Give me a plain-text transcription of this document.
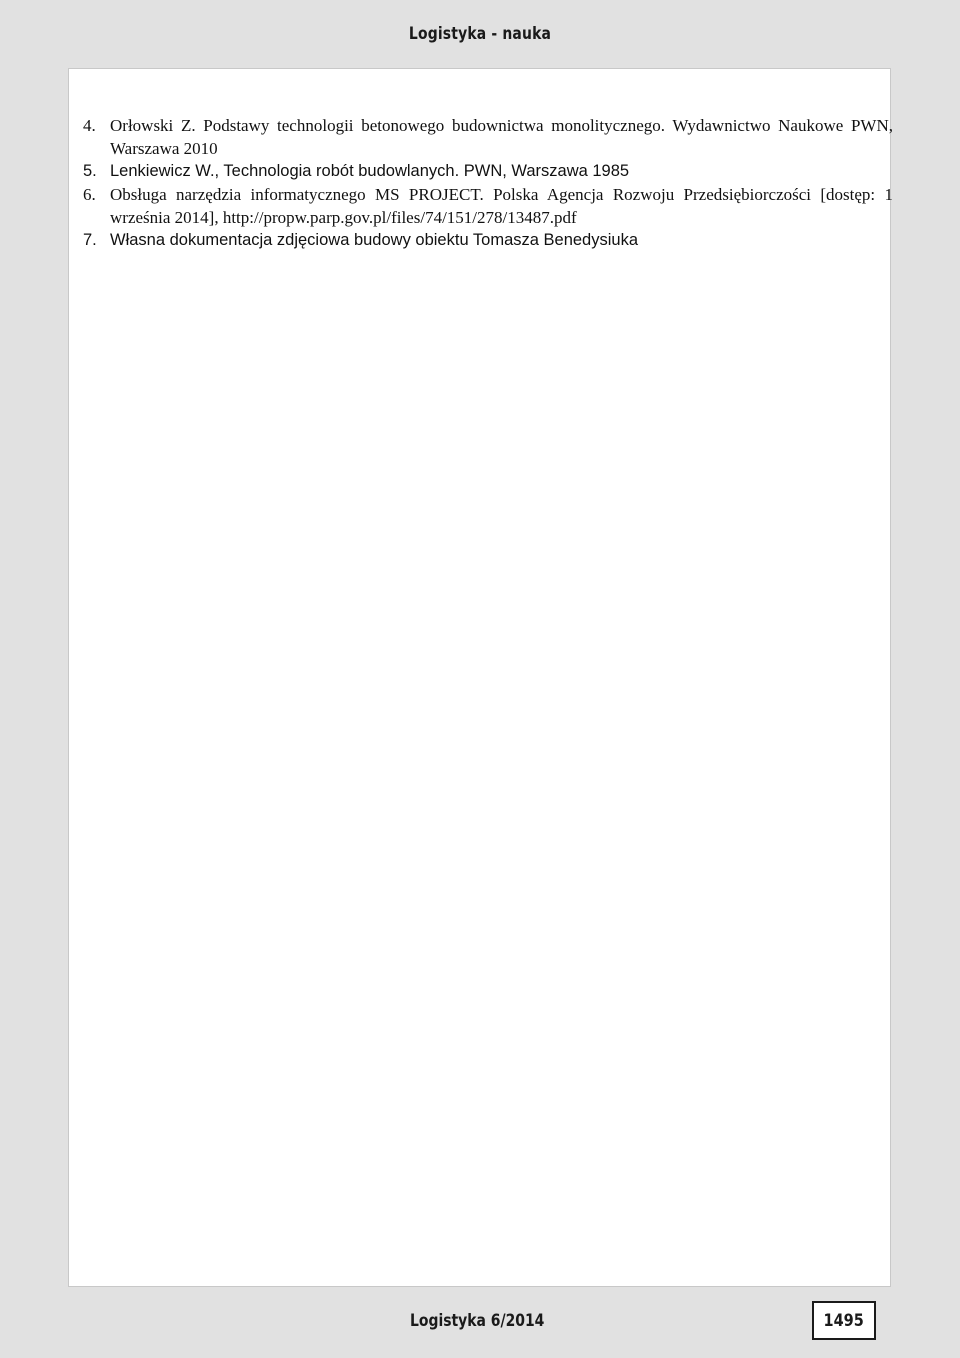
Logistyka - nauka
4. Orłowski Z. Podstawy technologii betonowego budownictwa monolitycznego. Wydawnictwo Naukowe PWN, Warszawa 2010
5. Lenkiewicz W., Technologia robót budowlanych. PWN, Warszawa 1985
6. Obsługa narzędzia informatycznego MS PROJECT. Polska Agencja Rozwoju Przedsiębiorczości [dostęp: 1 września 2014], http://propw.parp.gov.pl/files/74/151/278/13487.pdf
7. Własna dokumentacja zdjęciowa budowy obiektu Tomasza Benedysiuka
Logistyka 6/2014	1495
